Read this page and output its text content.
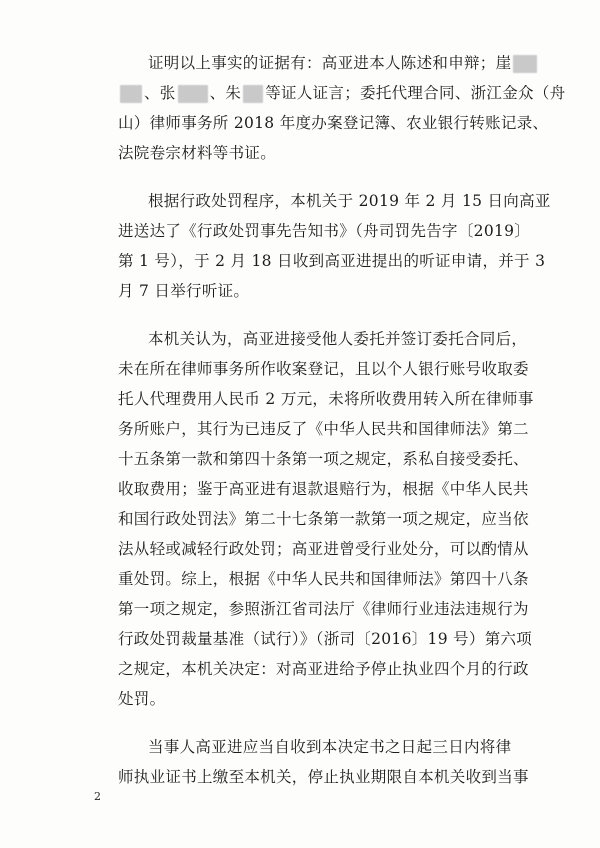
证明以上事实的证据有：高亚进本人陈述和申辩；崖
、张 、朱 等证人证言；委托代理合同、浙江金众（舟
山）律师事务所 2018 年度办案登记簿、农业银行转账记录、
法院卷宗材料等书证。
根据行政处罚程序，本机关于 2019 年 2 月 15 日向高亚
进送达了《行政处罚事先告知书》（舟司罚先告字〔2019〕
第 1 号），于 2 月 18 日收到高亚进提出的听证申请，并于 3
月 7 日举行听证。
本机关认为，高亚进接受他人委托并签订委托合同后，
未在所在律师事务所作收案登记，且以个人银行账号收取委
托人代理费用人民币 2 万元，未将所收费用转入所在律师事
务所账户，其行为已违反了《中华人民共和国律师法》第二
十五条第一款和第四十条第一项之规定，系私自接受委托、
收取费用；鉴于高亚进有退款退赔行为，根据《中华人民共
和国行政处罚法》第二十七条第一款第一项之规定，应当依
法从轻或减轻行政处罚；高亚进曾受行业处分，可以酌情从
重处罚。综上，根据《中华人民共和国律师法》第四十八条
第一项之规定，参照浙江省司法厅《律师行业违法违规行为
行政处罚裁量基准（试行）》（浙司〔2016〕19 号）第六项
之规定，本机关决定：对高亚进给予停止执业四个月的行政
处罚。
当事人高亚进应当自收到本决定书之日起三日内将律
师执业证书上缴至本机关，停止执业期限自本机关收到当事
2
